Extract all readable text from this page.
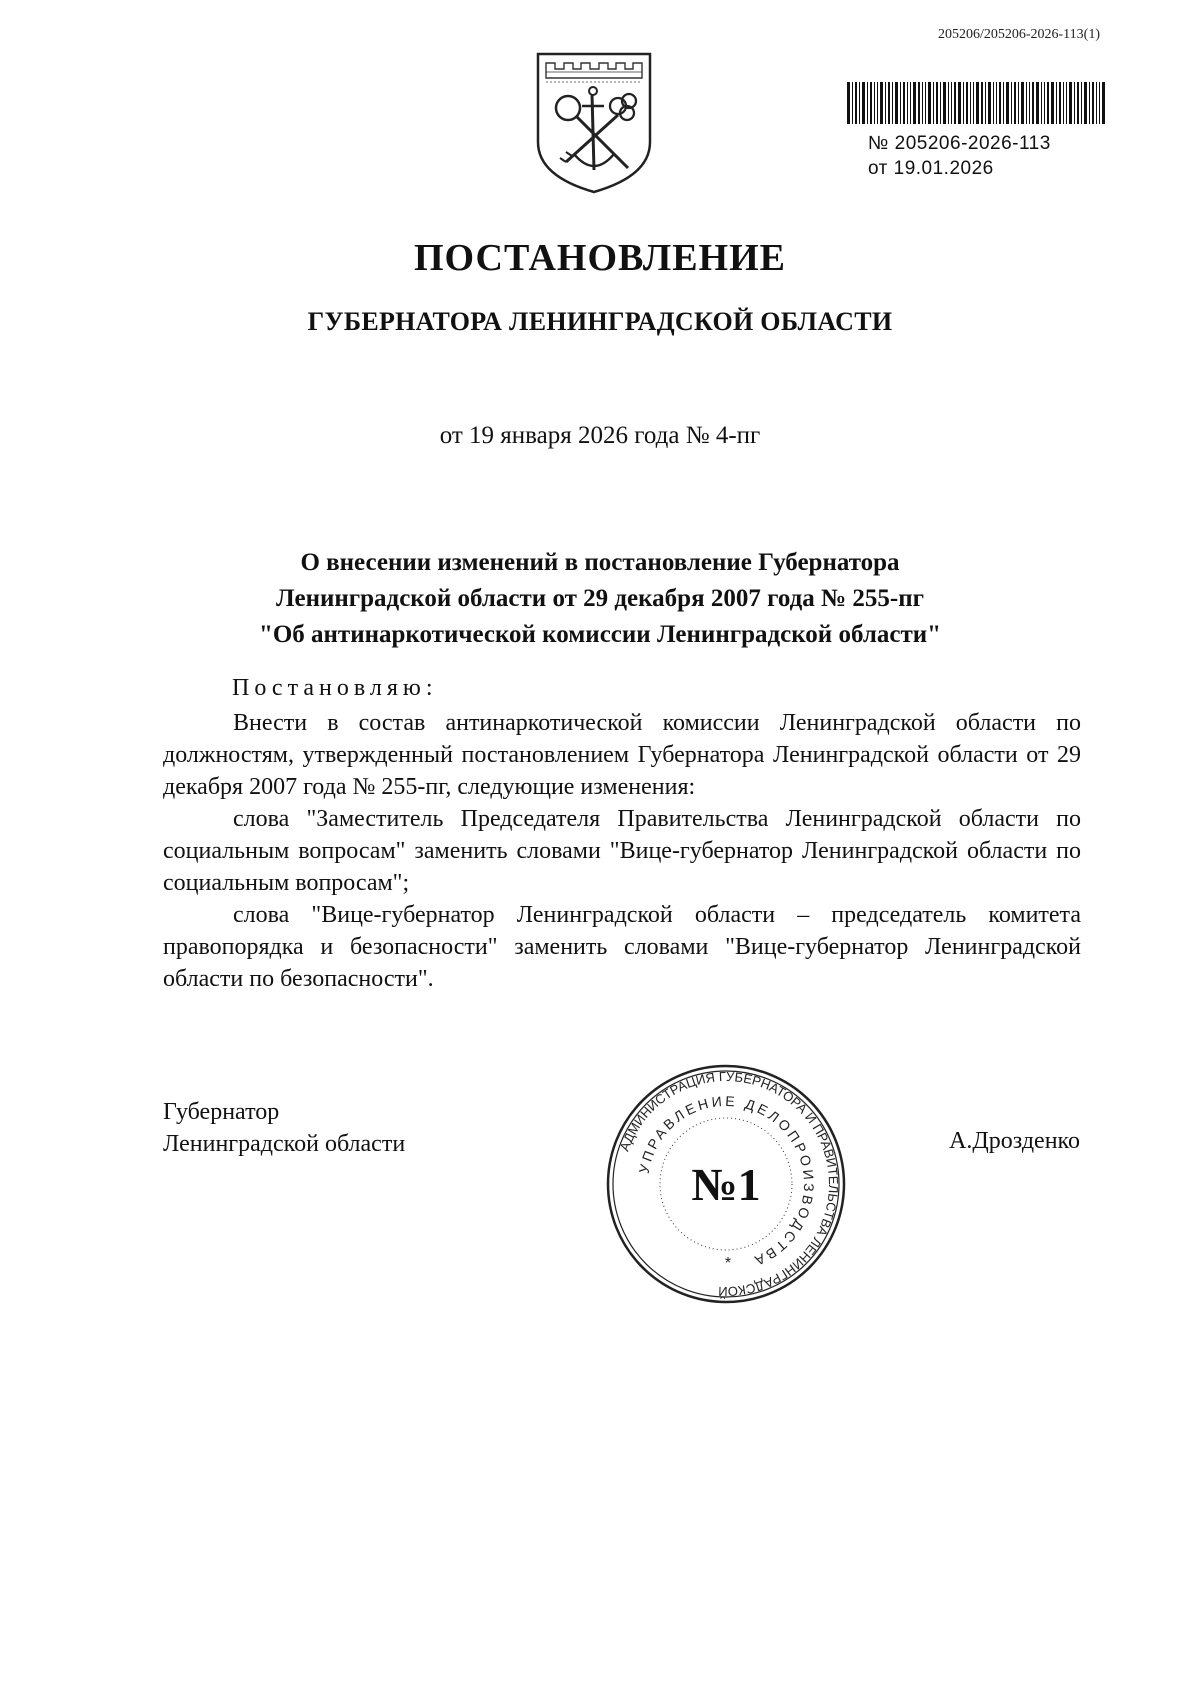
205206/205206-2026-113(1)
№ 205206-2026-113
от 19.01.2026
ПОСТАНОВЛЕНИЕ
ГУБЕРНАТОРА ЛЕНИНГРАДСКОЙ ОБЛАСТИ
от 19 января 2026 года № 4-пг
О внесении изменений в постановление Губернатора
Ленинградской области от 29 декабря 2007 года № 255-пг
"Об антинаркотической комиссии Ленинградской области"
Постановляю:

Внести в состав антинаркотической комиссии Ленинградской области по должностям, утвержденный постановлением Губернатора Ленинградской области от 29 декабря 2007 года № 255-пг, следующие изменения:

слова "Заместитель Председателя Правительства Ленинградской области по социальным вопросам" заменить словами "Вице-губернатор Ленинградской области по социальным вопросам";

слова "Вице-губернатор Ленинградской области – председатель комитета правопорядка и безопасности" заменить словами "Вице-губернатор Ленинградской области по безопасности".

Губернатор
Ленинградской области	АДМИНИСТРАЦИЯ ГУБЕРНАТОРА И ПРАВИТЕЛЬСТВА ЛЕНИНГРАДСКОЙ
УПРАВЛЕНИЕ ДЕЛОПРОИЗВОДСТВА
№1
*
А.Дрозденко
